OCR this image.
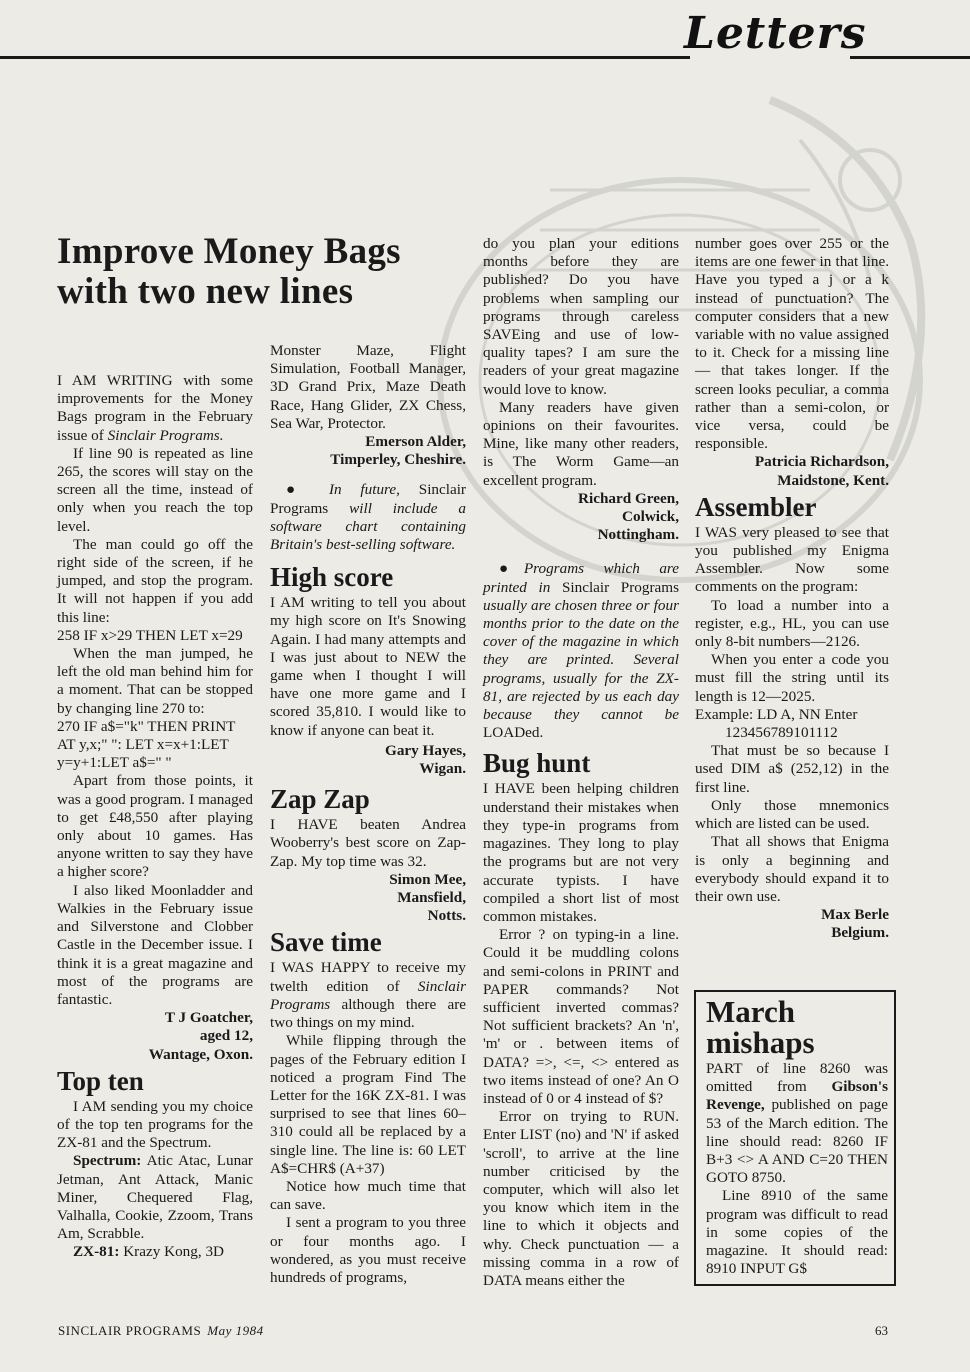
Letters
Improve Money Bags with two new lines

I AM WRITING with some improvements for the Money Bags program in the February issue of Sinclair Programs.

If line 90 is repeated as line 265, the scores will stay on the screen all the time, instead of only when you reach the top level.

The man could go off the right side of the screen, if he jumped, and stop the program. It will not happen if you add this line:

258 IF x>29 THEN LET x=29

When the man jumped, he left the old man behind him for a moment. That can be stopped by changing line 270 to:

270 IF a$="k" THEN PRINT AT y,x;" ": LET x=x+1:LET y=y+1:LET a$=" "

Apart from those points, it was a good program. I managed to get £48,550 after playing only about 10 games. Has anyone written to say they have a higher score?

I also liked Moonladder and Walkies in the February issue and Silverstone and Clobber Castle in the December issue. I think it is a great magazine and most of the programs are fantastic.

T J Goatcher,

aged 12,

Wantage, Oxon.

Top ten

I AM sending you my choice of the top ten programs for the ZX-81 and the Spectrum.

Spectrum: Atic Atac, Lunar Jetman, Ant Attack, Manic Miner, Chequered Flag, Valhalla, Cookie, Zzoom, Trans Am, Scrabble.

ZX-81: Krazy Kong, 3D

Monster Maze, Flight Simulation, Football Manager, 3D Grand Prix, Maze Death Race, Hang Glider, ZX Chess, Sea War, Protector.

Emerson Alder,

Timperley, Cheshire.

● In future, Sinclair Programs will include a software chart containing Britain's best-selling software.

High score

I AM writing to tell you about my high score on It's Snowing Again. I had many attempts and I was just about to NEW the game when I thought I will have one more game and I scored 35,810. I would like to know if anyone can beat it.

Gary Hayes,

Wigan.

Zap Zap

I HAVE beaten Andrea Wooberry's best score on Zap-Zap. My top time was 32.

Simon Mee,

Mansfield,

Notts.

Save time

I WAS HAPPY to receive my twelth edition of Sinclair Programs although there are two things on my mind.

While flipping through the pages of the February edition I noticed a program Find The Letter for the 16K ZX-81. I was surprised to see that lines 60–310 could all be replaced by a single line. The line is: 60 LET A$=CHR$ (A+37)

Notice how much time that can save.

I sent a program to you three or four months ago. I wondered, as you must receive hundreds of programs,

do you plan your editions months before they are published? Do you have problems when sampling our programs through careless SAVEing and use of low-quality tapes? I am sure the readers of your great magazine would love to know.

Many readers have given opinions on their favourites. Mine, like many other readers, is The Worm Game—an excellent program.

Richard Green,

Colwick,

Nottingham.

●Programs which are printed in Sinclair Programs usually are chosen three or four months prior to the date on the cover of the magazine in which they are printed. Several programs, usually for the ZX-81, are rejected by us each day because they cannot be LOADed.

Bug hunt

I HAVE been helping children understand their mistakes when they type-in programs from magazines. They long to play the programs but are not very accurate typists. I have compiled a short list of most common mistakes.

Error ? on typing-in a line. Could it be muddling colons and semi-colons in PRINT and PAPER commands? Not sufficient inverted commas? Not sufficient brackets? An 'n', 'm' or . between items of DATA? =>, <=, <> entered as two items instead of one? An O instead of 0 or 4 instead of $?

Error on trying to RUN. Enter LIST (no) and 'N' if asked 'scroll', to arrive at the line number criticised by the computer, which will also let you know which item in the line to which it objects and why. Check punctuation — a missing comma in a row of DATA means either the

number goes over 255 or the items are one fewer in that line. Have you typed a j or a k instead of punctuation? The computer considers that a new variable with no value assigned to it. Check for a missing line — that takes longer. If the screen looks peculiar, a comma rather than a semi-colon, or vice versa, could be responsible.

Patricia Richardson,

Maidstone, Kent.

Assembler

I WAS very pleased to see that you published my Enigma Assembler. Now some comments on the program:

To load a number into a register, e.g., HL, you can use only 8-bit numbers—2126.

When you enter a code you must fill the string until its length is 12—2025.

Example: LD A, NN Enter

123456789101112

That must be so because I used DIM a$ (252,12) in the first line.

Only those mnemonics which are listed can be used.

That all shows that Enigma is only a beginning and everybody should expand it to their own use.

Max Berle

Belgium.

March mishaps

PART of line 8260 was omitted from Gibson's Revenge, published on page 53 of the March edition. The line should read: 8260 IF B+3 <> A AND C=20 THEN GOTO 8750.

Line 8910 of the same program was difficult to read in some copies of the magazine. It should read: 8910 INPUT G$

SINCLAIR PROGRAMS May 1984	63
